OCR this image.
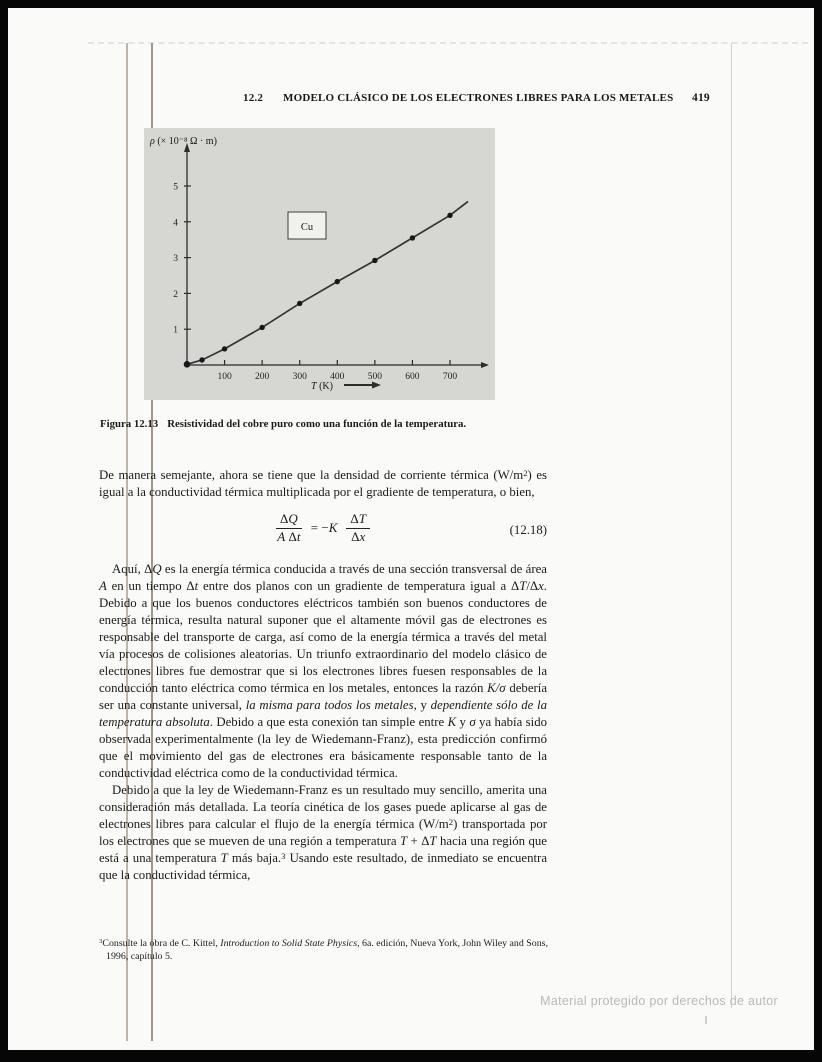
12.2 MODELO CLÁSICO DE LOS ELECTRONES LIBRES PARA LOS METALES 419
1
2
3
4
5
100 200 300 400 500 600 700
Cu
ρ (× 10⁻⁸ Ω · m)
T (K)
Figura 12.13 Resistividad del cobre puro como una función de la temperatura.

De manera semejante, ahora se tiene que la densidad de corriente térmica $(W/m^2)$ es igual a la conductividad térmica multiplicada por el gradiente de temperatura, o bien,

$\frac{\Delta Q}{\text{A Δt}} = -K \frac{\Delta T}{\Delta x}$	(12.18)

Aquí, ΔQ es la energía térmica conducida a través de una sección transversal de área A en un tiempo Δt entre dos planos con un gradiente de temperatura igual a ΔT/Δx. Debido a que los buenos conductores eléctricos también son buenos conductores de energía térmica, resulta natural suponer que el altamente móvil gas de electrones es responsable del transporte de carga, así como de la energía térmica a través del metal vía procesos de colisiones aleatorias. Un triunfo extraordinario del modelo clásico de electrones libres fue demostrar que si los electrones libres fuesen responsables de la conducción tanto eléctrica como térmica en los metales, entonces la razón K/σ debería ser una constante universal, la misma para todos los metales, y dependiente sólo de la temperatura absoluta. Debido a que esta conexión tan simple entre K y σ ya había sido observada experimentalmente (la ley de Wiedemann-Franz), esta predicción confirmó que el movimiento del gas de electrones era básicamente responsable tanto de la conductividad eléctrica como de la conductividad térmica.

Debido a que la ley de Wiedemann-Franz es un resultado muy sencillo, amerita una consideración más detallada. La teoría cinética de los gases puede aplicarse al gas de electrones libres para calcular el flujo de la energía térmica $(W/m^2)$ transportada por los electrones que se mueven de una región a temperatura T + ΔT hacia una región que está a una temperatura T más baja.$^3$ Usando este resultado, de inmediato se encuentra que la conductividad térmica,

$^3$Consulte la obra de C. Kittel, Introduction to Solid State Physics, 6a. edición, Nueva York, John Wiley and Sons, 1996, capítulo 5.
Material protegido por derechos de autor
